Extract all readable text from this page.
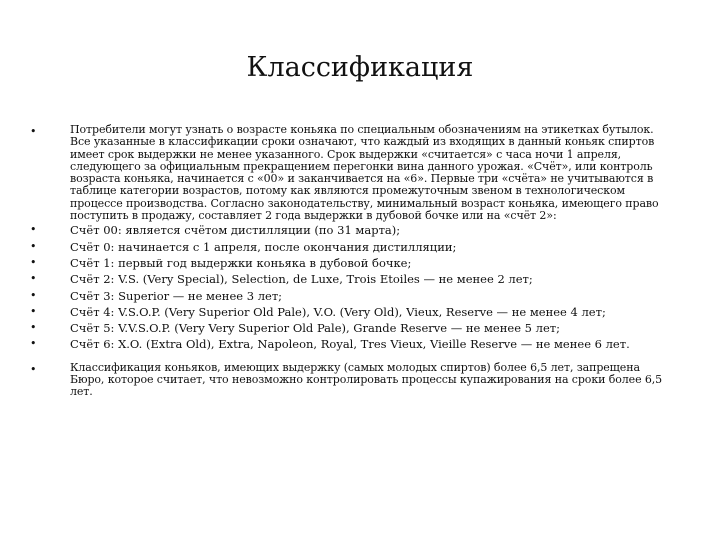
Классификация
•	Потребители могут узнать о возрасте коньяка по специальным обозначениям на этикетках бутылок. Все указанные в классификации сроки означают, что каждый из входящих в данный коньяк спиртов имеет срок выдержки не менее указанного. Срок выдержки «считается» с часа ночи 1 апреля, следующего за официальным прекращением перегонки вина данного урожая. «Счёт», или контроль возраста коньяка, начинается с «00» и заканчивается на «6». Первые три «счёта» не учитываются в таблице категории возрастов, потому как являются промежуточным звеном в технологическом процессе производства. Согласно законодательству, минимальный возраст коньяка, имеющего право поступить в продажу, составляет 2 года выдержки в дубовой бочке или на «счёт 2»:
•	Счёт 00: является счётом дистилляции (по 31 марта);
•	Счёт 0: начинается с 1 апреля, после окончания дистилляции;
•	Счёт 1: первый год выдержки коньяка в дубовой бочке;
•	Счёт 2: V.S. (Very Special), Selection, de Luxe, Trois Etoiles — не менее 2 лет;
•	Счёт 3: Superior — не менее 3 лет;
•	Счёт 4: V.S.O.P. (Very Superior Old Pale), V.O. (Very Old), Vieux, Reserve — не менее 4 лет;
•	Счёт 5: V.V.S.O.P. (Very Very Superior Old Pale), Grande Reserve — не менее 5 лет;
•	Счёт 6: X.O. (Extra Old), Extra, Napoleon, Royal, Tres Vieux, Vieille Reserve — не менее 6 лет.
•	Классификация коньяков, имеющих выдержку (самых молодых спиртов) более 6,5 лет, запрещена Бюро, которое считает, что невозможно контролировать процессы купажирования на сроки более 6,5 лет.
